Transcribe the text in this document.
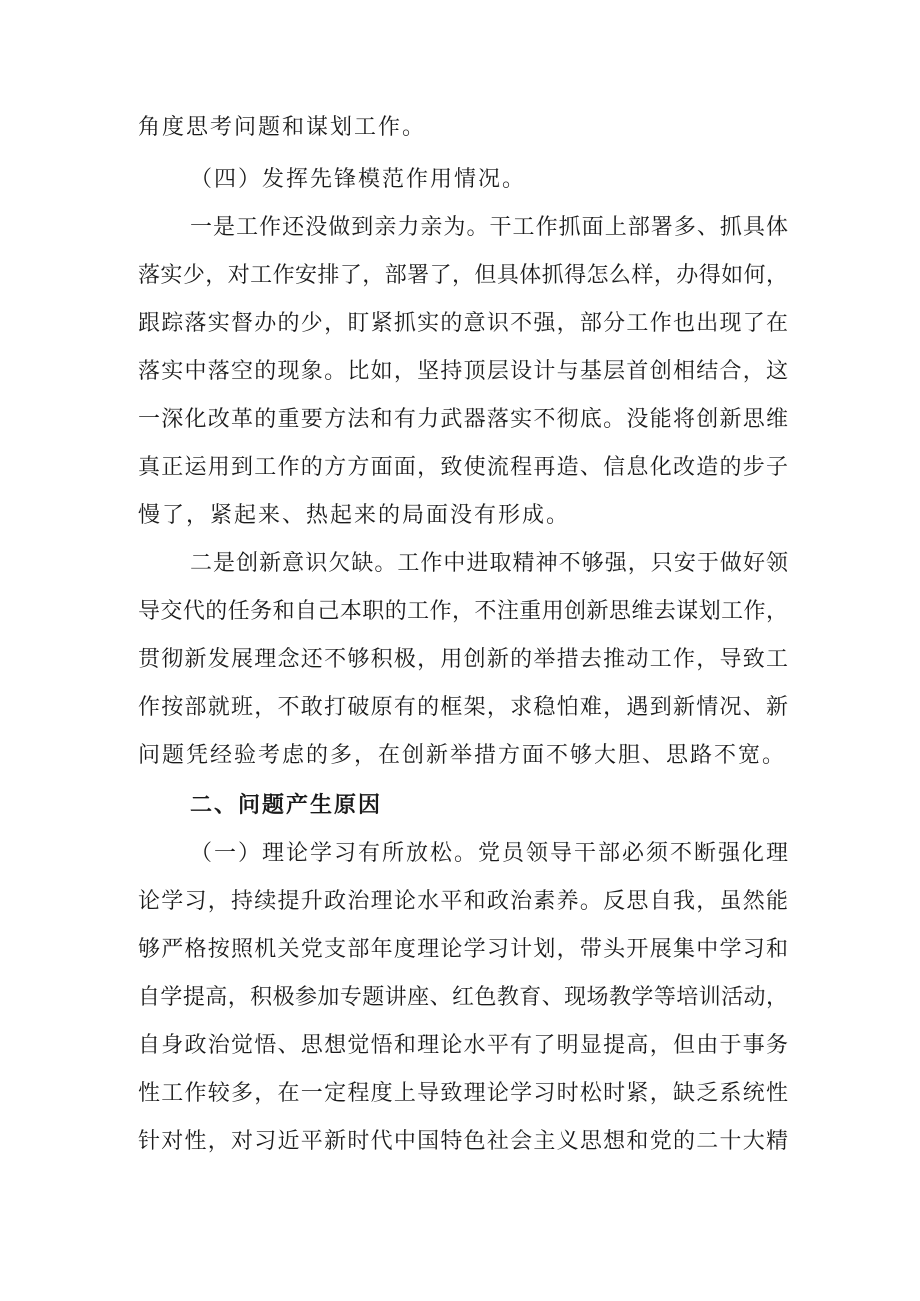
角度思考问题和谋划工作。
（四）发挥先锋模范作用情况。
一是工作还没做到亲力亲为。干工作抓面上部署多、抓具体
落实少，对工作安排了，部署了，但具体抓得怎么样，办得如何，
跟踪落实督办的少，盯紧抓实的意识不强，部分工作也出现了在
落实中落空的现象。比如，坚持顶层设计与基层首创相结合，这
一深化改革的重要方法和有力武器落实不彻底。没能将创新思维
真正运用到工作的方方面面，致使流程再造、信息化改造的步子
慢了，紧起来、热起来的局面没有形成。
二是创新意识欠缺。工作中进取精神不够强，只安于做好领
导交代的任务和自己本职的工作，不注重用创新思维去谋划工作，
贯彻新发展理念还不够积极，用创新的举措去推动工作，导致工
作按部就班，不敢打破原有的框架，求稳怕难，遇到新情况、新
问题凭经验考虑的多，在创新举措方面不够大胆、思路不宽。
二、问题产生原因
（一）理论学习有所放松。党员领导干部必须不断强化理
论学习，持续提升政治理论水平和政治素养。反思自我，虽然能
够严格按照机关党支部年度理论学习计划，带头开展集中学习和
自学提高，积极参加专题讲座、红色教育、现场教学等培训活动，
自身政治觉悟、思想觉悟和理论水平有了明显提高，但由于事务
性工作较多，在一定程度上导致理论学习时松时紧，缺乏系统性
针对性，对习近平新时代中国特色社会主义思想和党的二十大精
